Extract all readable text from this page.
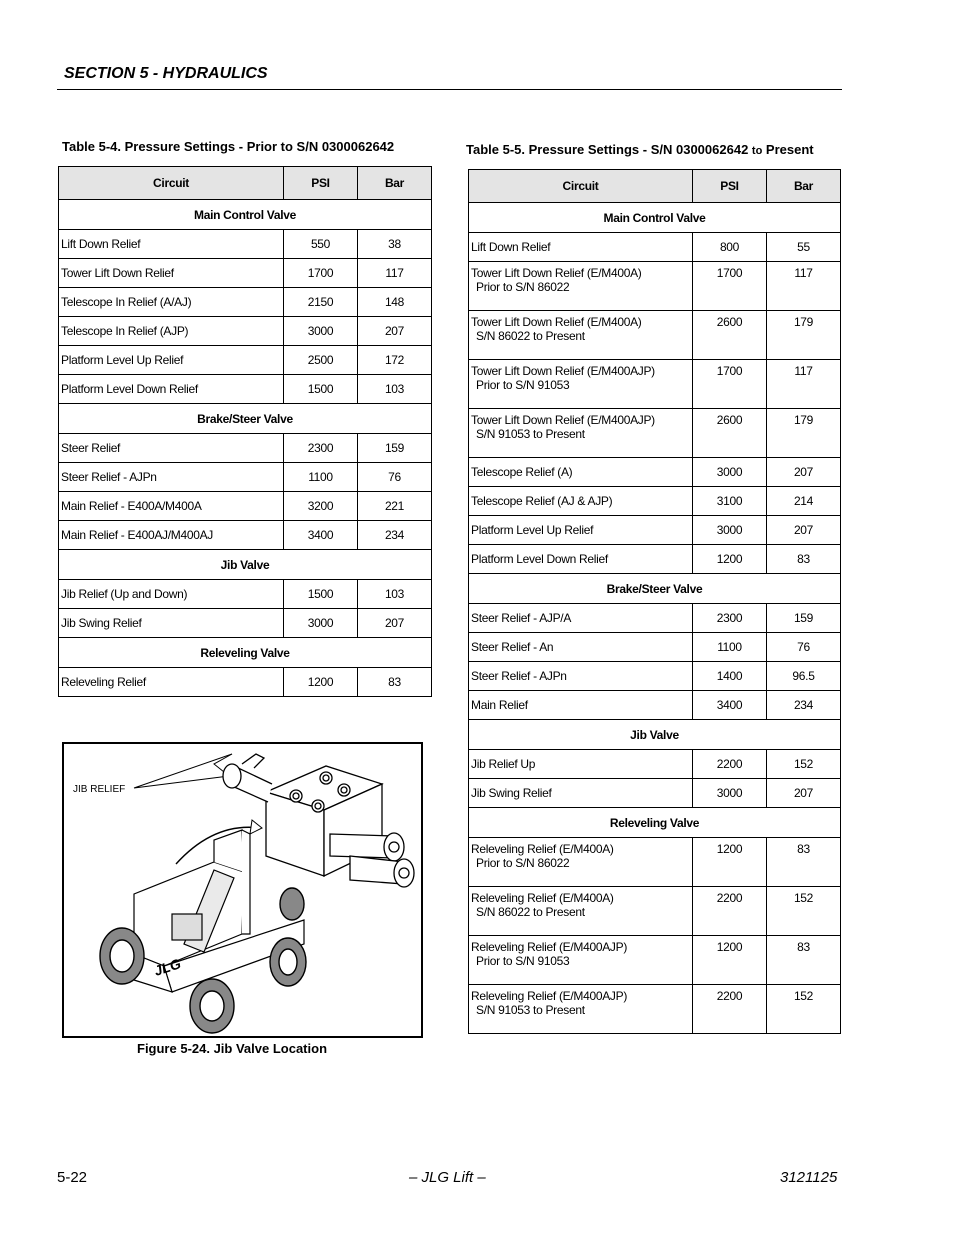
SECTION 5 - HYDRAULICS
Table 5-4. Pressure Settings - Prior to S/N 0300062642
Circuit	PSI	Bar
Main Control Valve		
Lift Down Relief	550	38
Tower Lift Down Relief	1700	117
Telescope In Relief (A/AJ)	2150	148
Telescope In Relief (AJP)	3000	207
Platform Level Up Relief	2500	172
Platform Level Down Relief	1500	103
Brake/Steer Valve		
Steer Relief	2300	159
Steer Relief - AJPn	1100	76
Main Relief - E400A/M400A	3200	221
Main Relief - E400AJ/M400AJ	3400	234
Jib Valve		
Jib Relief (Up and Down)	1500	103
Jib Swing Relief	3000	207
Releveling Valve		
Releveling Relief	1200	83
Table 5-5. Pressure Settings - S/N 0300062642 to Present
Circuit	PSI	Bar
Main Control Valve		
Lift Down Relief	800	55
Tower Lift Down Relief (E/M400A)
Prior to S/N 86022	1700	117
Tower Lift Down Relief (E/M400A)
S/N 86022 to Present	2600	179
Tower Lift Down Relief (E/M400AJP)
Prior to S/N 91053	1700	117
Tower Lift Down Relief (E/M400AJP)
S/N 91053 to Present	2600	179
Telescope Relief (A)	3000	207
Telescope Relief (AJ & AJP)	3100	214
Platform Level Up Relief	3000	207
Platform Level Down Relief	1200	83
Brake/Steer Valve		
Steer Relief - AJP/A	2300	159
Steer Relief - An	1100	76
Steer Relief - AJPn	1400	96.5
Main Relief	3400	234
Jib Valve		
Jib Relief Up	2200	152
Jib Swing Relief	3000	207
Releveling Valve		
Releveling Relief (E/M400A)
Prior to S/N 86022	1200	83
Releveling Relief (E/M400A)
S/N 86022 to Present	2200	152
Releveling Relief (E/M400AJP)
Prior to S/N 91053	1200	83
Releveling Relief (E/M400AJP)
S/N 91053 to Present	2200	152
JIB RELIEF
JLG
Figure 5-24. Jib Valve Location
5-22	– JLG Lift –	3121125
